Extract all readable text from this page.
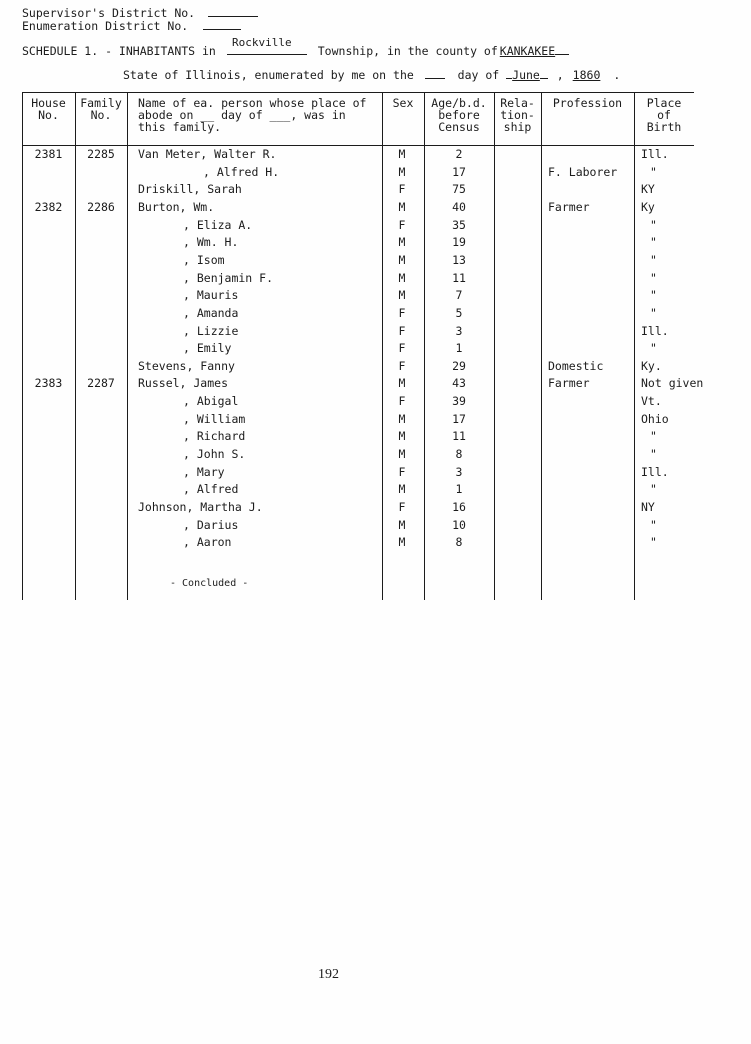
Supervisor's District No.
Enumeration District No.
Rockville
SCHEDULE 1. - INHABITANTS in	Township, in the county of KANKAKEE
State of Illinois, enumerated by me on the	day of June , 1860 .
House
No.
Family
No.
Name of ea. person whose place of
abode on __ day of ___, was in
this family.
Sex	Age/b.d.
before
Census
Rela-
tion-
ship
Profession	Place
of
Birth
2381	2285	Van Meter, Walter R.	M	2	Ill.
, Alfred H.	M	17	F. Laborer	"
Driskill, Sarah	F	75	KY
2382	2286	Burton, Wm.	M	40	Farmer	Ky
, Eliza A.	F	35	"
, Wm. H.	M	19	"
, Isom	M	13	"
, Benjamin F.	M	11	"
, Mauris	M	7	"
, Amanda	F	5	"
, Lizzie	F	3	Ill.
, Emily	F	1	"
Stevens, Fanny	F	29	Domestic	Ky.
2383	2287	Russel, James	M	43	Farmer	Not given
, Abigal	F	39	Vt.
, William	M	17	Ohio
, Richard	M	11	"
, John S.	M	8	"
, Mary	F	3	Ill.
, Alfred	M	1	"
Johnson, Martha J.	F	16	NY
, Darius	M	10	"
, Aaron	M	8	"
- Concluded -
192
